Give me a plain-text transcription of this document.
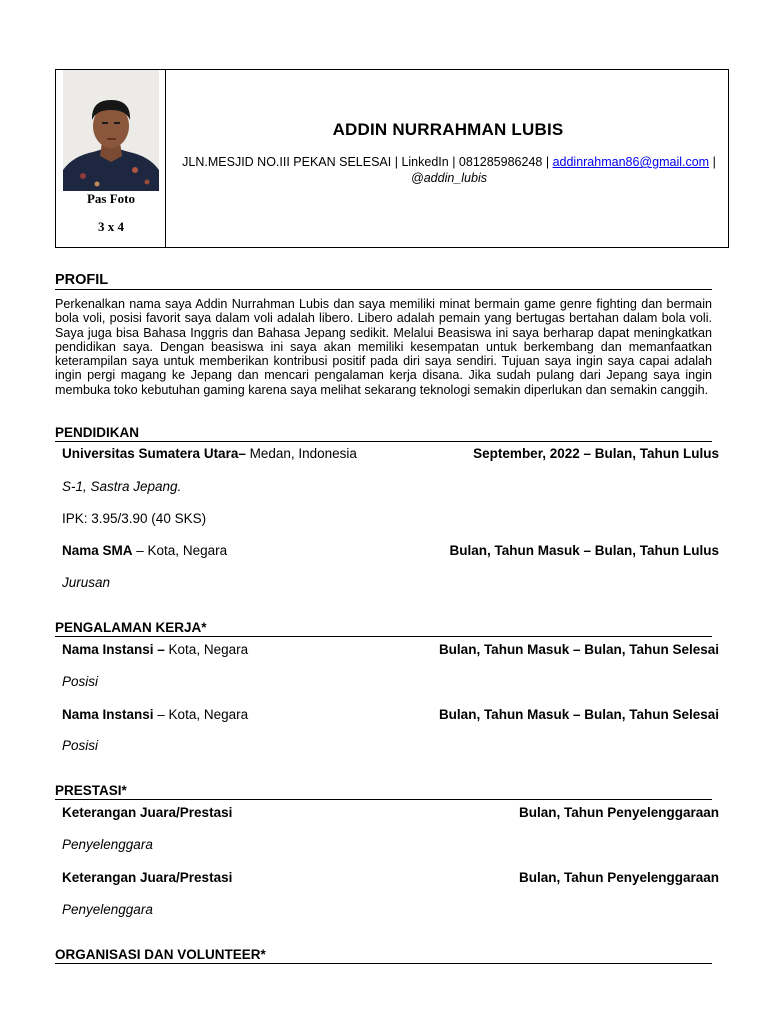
Pas Foto
3 x 4
ADDIN NURRAHMAN LUBIS
JLN.MESJID NO.III PEKAN SELESAI | LinkedIn | 081285986248 | addinrahman86@gmail.com |
@addin_lubis
PROFIL
Perkenalkan nama saya Addin Nurrahman Lubis dan saya memiliki minat bermain game genre fighting dan bermain bola voli, posisi favorit saya dalam voli adalah libero. Libero adalah pemain yang bertugas bertahan dalam bola voli. Saya juga bisa Bahasa Inggris dan Bahasa Jepang sedikit. Melalui Beasiswa ini saya berharap dapat meningkatkan pendidikan saya. Dengan beasiswa ini saya akan memiliki kesempatan untuk berkembang dan memanfaatkan keterampilan saya untuk memberikan kontribusi positif pada diri saya sendiri. Tujuan saya ingin saya capai adalah ingin pergi magang ke Jepang dan mencari pengalaman kerja disana. Jika sudah pulang dari Jepang saya ingin membuka toko kebutuhan gaming karena saya melihat sekarang teknologi semakin diperlukan dan semakin canggih.
PENDIDIKAN
Universitas Sumatera Utara– Medan, Indonesia	September, 2022 – Bulan, Tahun Lulus
S-1, Sastra Jepang.
IPK: 3.95/3.90 (40 SKS)
Nama SMA – Kota, Negara	Bulan, Tahun Masuk – Bulan, Tahun Lulus
Jurusan
PENGALAMAN KERJA*
Nama Instansi – Kota, Negara	Bulan, Tahun Masuk – Bulan, Tahun Selesai
Posisi
Nama Instansi – Kota, Negara	Bulan, Tahun Masuk – Bulan, Tahun Selesai
Posisi
PRESTASI*
Keterangan Juara/Prestasi	Bulan, Tahun Penyelenggaraan
Penyelenggara
Keterangan Juara/Prestasi	Bulan, Tahun Penyelenggaraan
Penyelenggara
ORGANISASI DAN VOLUNTEER*
